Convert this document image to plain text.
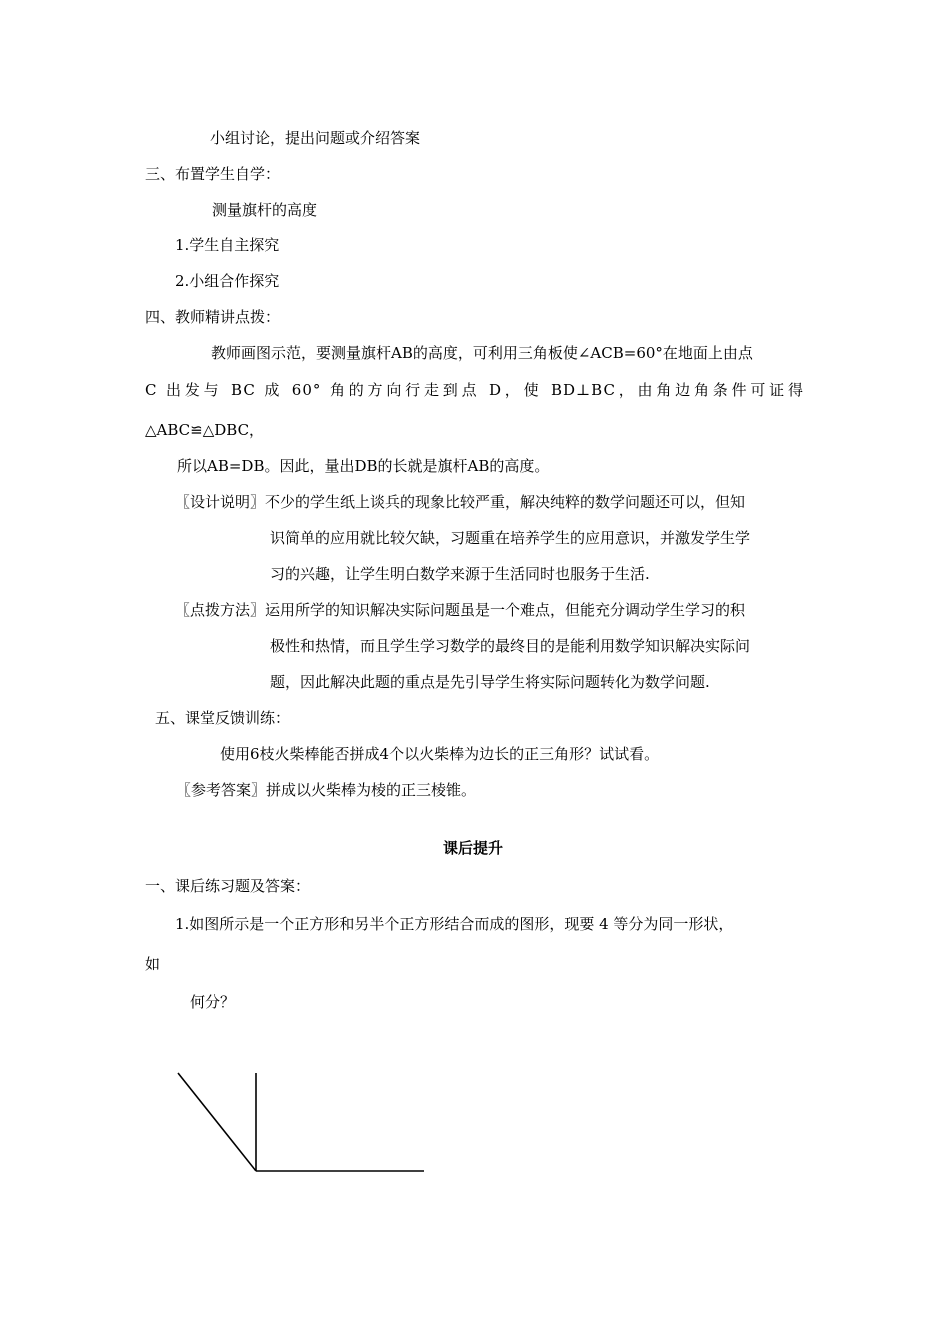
小组讨论，提出问题或介绍答案
三、布置学生自学：
测量旗杆的高度
1.学生自主探究
2.小组合作探究
四、教师精讲点拨：
教师画图示范，要测量旗杆AB的高度，可利用三角板使∠ACB=60°在地面上由点
C 出发与 BC 成 60° 角的方向行走到点 D，使 BD⊥BC，由角边角条件可证得
△ABC≌△DBC，
所以AB=DB。因此，量出DB的长就是旗杆AB的高度。
〖设计说明〗不少的学生纸上谈兵的现象比较严重，解决纯粹的数学问题还可以，但知
识简单的应用就比较欠缺，习题重在培养学生的应用意识，并激发学生学
习的兴趣，让学生明白数学来源于生活同时也服务于生活.
〖点拨方法〗运用所学的知识解决实际问题虽是一个难点，但能充分调动学生学习的积
极性和热情，而且学生学习数学的最终目的是能利用数学知识解决实际问
题，因此解决此题的重点是先引导学生将实际问题转化为数学问题.
五、课堂反馈训练：
使用6枝火柴棒能否拼成4个以火柴棒为边长的正三角形？试试看。
〖参考答案〗拼成以火柴棒为棱的正三棱锥。
课后提升
一、课后练习题及答案：
1.如图所示是一个正方形和另半个正方形结合而成的图形，现要 4 等分为同一形状，
如
何分？
